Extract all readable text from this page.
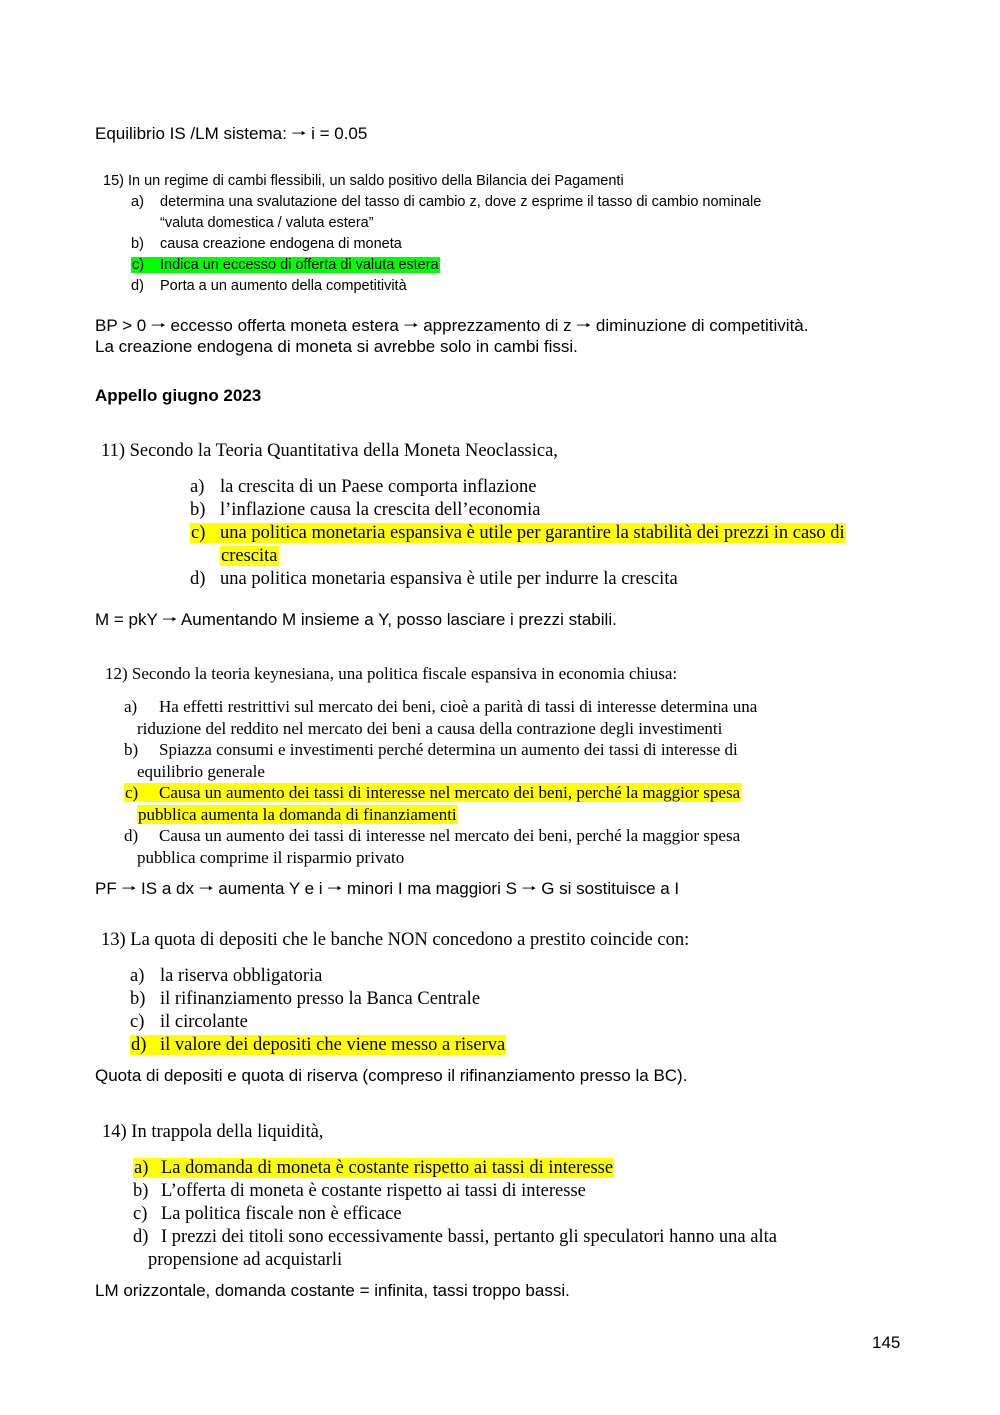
Equilibrio IS /LM sistema: 🠒 i = 0.05
15) In un regime di cambi flessibili, un saldo positivo della Bilancia dei Pagamenti
a) determina una svalutazione del tasso di cambio z, dove z esprime il tasso di cambio nominale
“valuta domestica / valuta estera”
b) causa creazione endogena di moneta
c) Indica un eccesso di offerta di valuta estera
d) Porta a un aumento della competitività
BP > 0 🠒 eccesso offerta moneta estera 🠒 apprezzamento di z 🠒 diminuzione di competitività.
La creazione endogena di moneta si avrebbe solo in cambi fissi.
Appello giugno 2023
11) Secondo la Teoria Quantitativa della Moneta Neoclassica,
a) la crescita di un Paese comporta inflazione
b) l’inflazione causa la crescita dell’economia
c) una politica monetaria espansiva è utile per garantire la stabilità dei prezzi in caso di
crescita
d) una politica monetaria espansiva è utile per indurre la crescita
M = pkY 🠒 Aumentando M insieme a Y, posso lasciare i prezzi stabili.
12) Secondo la teoria keynesiana, una politica fiscale espansiva in economia chiusa:
a) Ha effetti restrittivi sul mercato dei beni, cioè a parità di tassi di interesse determina una
riduzione del reddito nel mercato dei beni a causa della contrazione degli investimenti
b) Spiazza consumi e investimenti perché determina un aumento dei tassi di interesse di
equilibrio generale
c) Causa un aumento dei tassi di interesse nel mercato dei beni, perché la maggior spesa
pubblica aumenta la domanda di finanziamenti
d) Causa un aumento dei tassi di interesse nel mercato dei beni, perché la maggior spesa
pubblica comprime il risparmio privato
PF 🠒 IS a dx 🠒 aumenta Y e i 🠒 minori I ma maggiori S 🠒 G si sostituisce a I
13) La quota di depositi che le banche NON concedono a prestito coincide con:
a) la riserva obbligatoria
b) il rifinanziamento presso la Banca Centrale
c) il circolante
d) il valore dei depositi che viene messo a riserva
Quota di depositi e quota di riserva (compreso il rifinanziamento presso la BC).
14) In trappola della liquidità,
a) La domanda di moneta è costante rispetto ai tassi di interesse
b) L’offerta di moneta è costante rispetto ai tassi di interesse
c) La politica fiscale non è efficace
d) I prezzi dei titoli sono eccessivamente bassi, pertanto gli speculatori hanno una alta
propensione ad acquistarli
LM orizzontale, domanda costante = infinita, tassi troppo bassi.
145
